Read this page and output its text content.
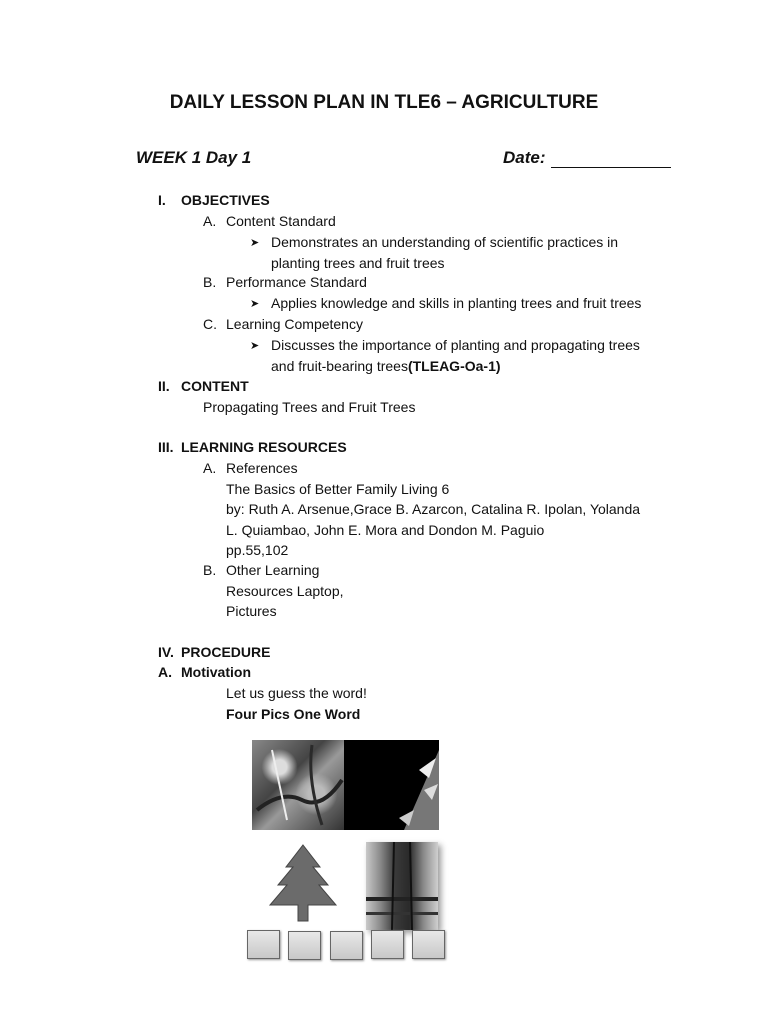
DAILY LESSON PLAN IN TLE6 – AGRICULTURE
WEEK 1 Day 1	Date:
I. OBJECTIVES
A. Content Standard
➤ Demonstrates an understanding of scientific practices in
planting trees and fruit trees
B. Performance Standard
➤ Applies knowledge and skills in planting trees and fruit trees
C. Learning Competency
➤ Discusses the importance of planting and propagating trees
and fruit-bearing trees(TLEAG-Oa-1)
II. CONTENT
Propagating Trees and Fruit Trees
III. LEARNING RESOURCES
A. References
The Basics of Better Family Living 6
by: Ruth A. Arsenue,Grace B. Azarcon, Catalina R. Ipolan, Yolanda
L. Quiambao, John E. Mora and Dondon M. Paguio
pp.55,102
B. Other Learning
Resources Laptop,
Pictures
IV. PROCEDURE
A. Motivation
Let us guess the word!
Four Pics One Word
